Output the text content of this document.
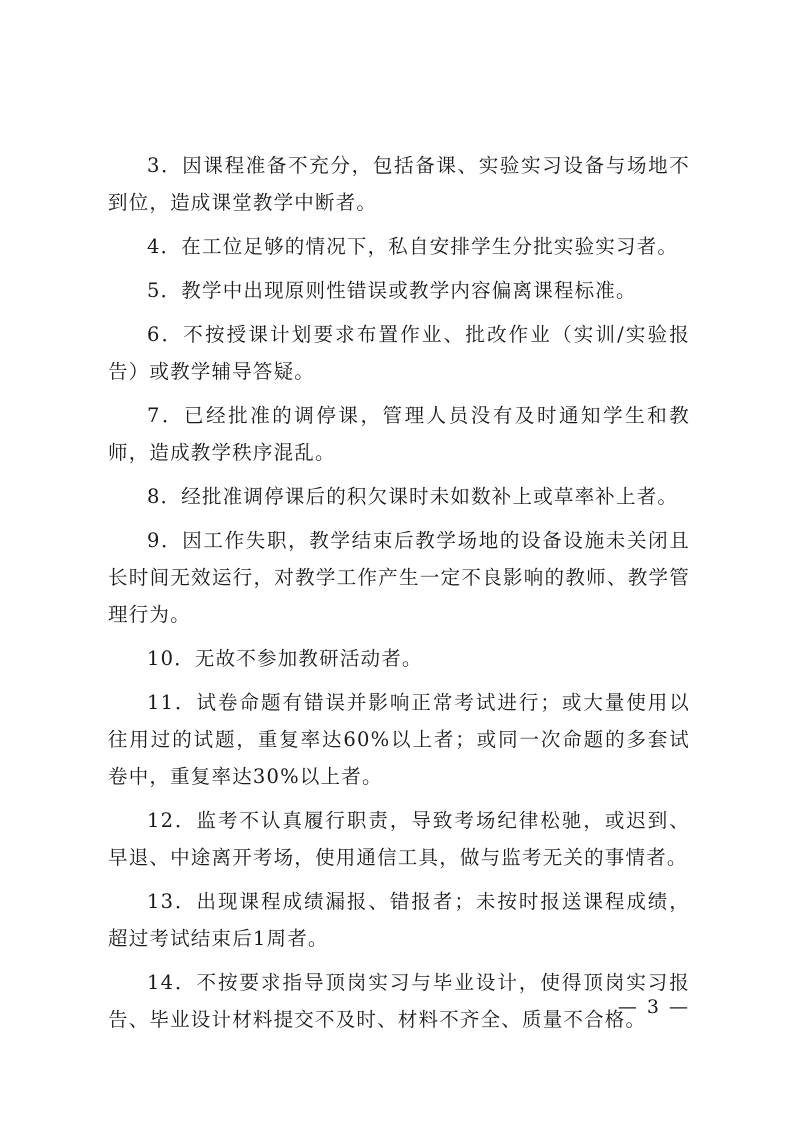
3．因课程准备不充分，包括备课、实验实习设备与场地不到位，造成课堂教学中断者。

4．在工位足够的情况下，私自安排学生分批实验实习者。

5．教学中出现原则性错误或教学内容偏离课程标准。

6．不按授课计划要求布置作业、批改作业（实训/实验报告）或教学辅导答疑。

7．已经批准的调停课，管理人员没有及时通知学生和教师，造成教学秩序混乱。

8．经批准调停课后的积欠课时未如数补上或草率补上者。

9．因工作失职，教学结束后教学场地的设备设施未关闭且长时间无效运行，对教学工作产生一定不良影响的教师、教学管理行为。

10．无故不参加教研活动者。

11．试卷命题有错误并影响正常考试进行；或大量使用以往用过的试题，重复率达60%以上者；或同一次命题的多套试卷中，重复率达30%以上者。

12．监考不认真履行职责，导致考场纪律松驰，或迟到、早退、中途离开考场，使用通信工具，做与监考无关的事情者。

13．出现课程成绩漏报、错报者；未按时报送课程成绩，超过考试结束后1周者。

14．不按要求指导顶岗实习与毕业设计，使得顶岗实习报告、毕业设计材料提交不及时、材料不齐全、质量不合格。

— 3 —
